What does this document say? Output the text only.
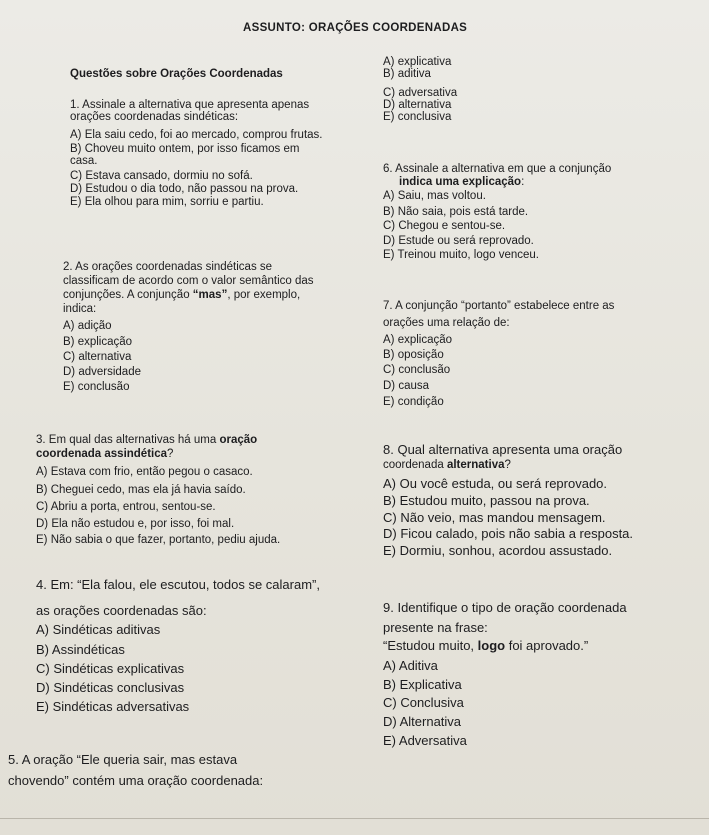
ASSUNTO: ORAÇÕES COORDENADAS
A) explicativa
B) aditiva
C) adversativa
D) alternativa
E) conclusiva
Questões sobre Orações Coordenadas
1. Assinale a alternativa que apresenta apenas
orações coordenadas sindéticas:
A) Ela saiu cedo, foi ao mercado, comprou frutas.
B) Choveu muito ontem, por isso ficamos em
casa.
C) Estava cansado, dormiu no sofá.
D) Estudou o dia todo, não passou na prova.
E) Ela olhou para mim, sorriu e partiu.
6. Assinale a alternativa em que a conjunção
indica uma explicação:
A) Saiu, mas voltou.
B) Não saia, pois está tarde.
C) Chegou e sentou-se.
D) Estude ou será reprovado.
E) Treinou muito, logo venceu.
2. As orações coordenadas sindéticas se
classificam de acordo com o valor semântico das
conjunções. A conjunção “mas”, por exemplo,
indica:
A) adição
B) explicação
C) alternativa
D) adversidade
E) conclusão
7. A conjunção “portanto” estabelece entre as
orações uma relação de:
A) explicação
B) oposição
C) conclusão
D) causa
E) condição
3. Em qual das alternativas há uma oração
coordenada assindética?
A) Estava com frio, então pegou o casaco.
B) Cheguei cedo, mas ela já havia saído.
C) Abriu a porta, entrou, sentou-se.
D) Ela não estudou e, por isso, foi mal.
E) Não sabia o que fazer, portanto, pediu ajuda.
8. Qual alternativa apresenta uma oração
coordenada alternativa?
A) Ou você estuda, ou será reprovado.
B) Estudou muito, passou na prova.
C) Não veio, mas mandou mensagem.
D) Ficou calado, pois não sabia a resposta.
E) Dormiu, sonhou, acordou assustado.
4. Em: “Ela falou, ele escutou, todos se calaram”,
as orações coordenadas são:
A) Sindéticas aditivas
B) Assindéticas
C) Sindéticas explicativas
D) Sindéticas conclusivas
E) Sindéticas adversativas
9. Identifique o tipo de oração coordenada
presente na frase:
“Estudou muito, logo foi aprovado.”
A) Aditiva
B) Explicativa
C) Conclusiva
D) Alternativa
E) Adversativa
5. A oração “Ele queria sair, mas estava
chovendo” contém uma oração coordenada:
